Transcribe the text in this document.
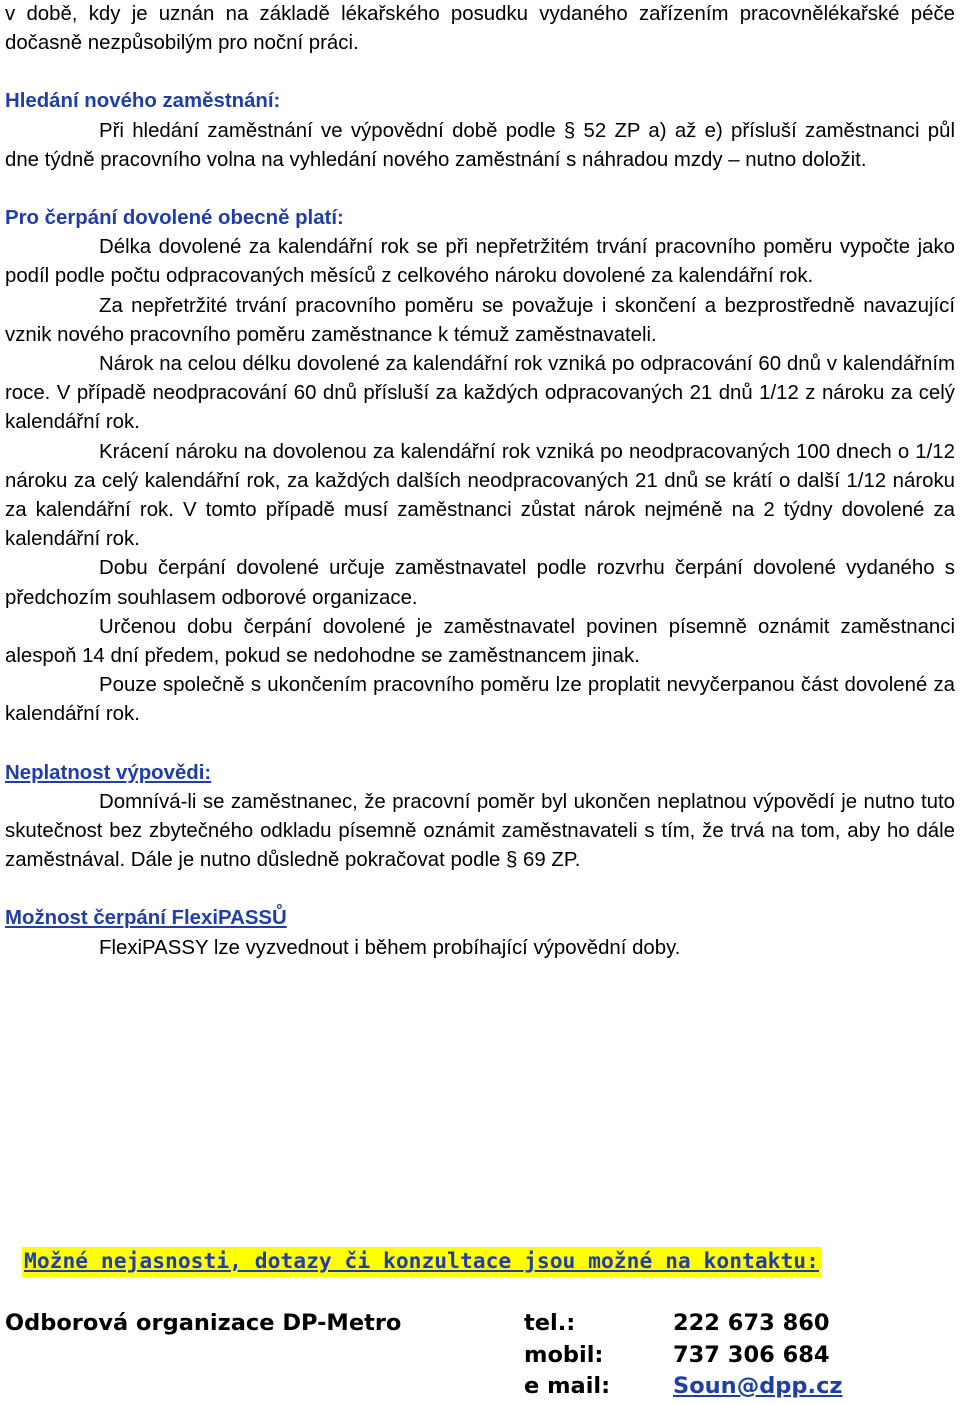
v době, kdy je uznán na základě lékařského posudku vydaného zařízením pracovnělékařské péče dočasně nezpůsobilým pro noční práci.

Hledání nového zaměstnání:

Při hledání zaměstnání ve výpovědní době podle § 52 ZP a) až e) přísluší zaměstnanci půl dne týdně pracovního volna na vyhledání nového zaměstnání s náhradou mzdy – nutno doložit.

Pro čerpání dovolené obecně platí:

Délka dovolené za kalendářní rok se při nepřetržitém trvání pracovního poměru vypočte jako podíl podle počtu odpracovaných měsíců z celkového nároku dovolené za kalendářní rok.

Za nepřetržité trvání pracovního poměru se považuje i skončení a bezprostředně navazující vznik nového pracovního poměru zaměstnance k témuž zaměstnavateli.

Nárok na celou délku dovolené za kalendářní rok vzniká po odpracování 60 dnů v kalendářním roce. V případě neodpracování 60 dnů přísluší za každých odpracovaných 21 dnů 1/12 z nároku za celý kalendářní rok.

Krácení nároku na dovolenou za kalendářní rok vzniká po neodpracovaných 100 dnech o 1/12 nároku za celý kalendářní rok, za každých dalších neodpracovaných 21 dnů se krátí o další 1/12 nároku za kalendářní rok. V tomto případě musí zaměstnanci zůstat nárok nejméně na 2 týdny dovolené za kalendářní rok.

Dobu čerpání dovolené určuje zaměstnavatel podle rozvrhu čerpání dovolené vydaného s předchozím souhlasem odborové organizace.

Určenou dobu čerpání dovolené je zaměstnavatel povinen písemně oznámit zaměstnanci alespoň 14 dní předem, pokud se nedohodne se zaměstnancem jinak.

Pouze společně s ukončením pracovního poměru lze proplatit nevyčerpanou část dovolené za kalendářní rok.

Neplatnost výpovědi:

Domnívá-li se zaměstnanec, že pracovní poměr byl ukončen neplatnou výpovědí je nutno tuto skutečnost bez zbytečného odkladu písemně oznámit zaměstnavateli s tím, že trvá na tom, aby ho dále zaměstnával. Dále je nutno důsledně pokračovat podle § 69 ZP.

Možnost čerpání FlexiPASSŮ

FlexiPASSY lze vyzvednout i během probíhající výpovědní doby.

Možné nejasnosti, dotazy či konzultace jsou možné na kontaktu:
Odborová organizace DP-Metro	tel.:	222 673 860
mobil:	737 306 684
e mail:	Soun@dpp.cz
